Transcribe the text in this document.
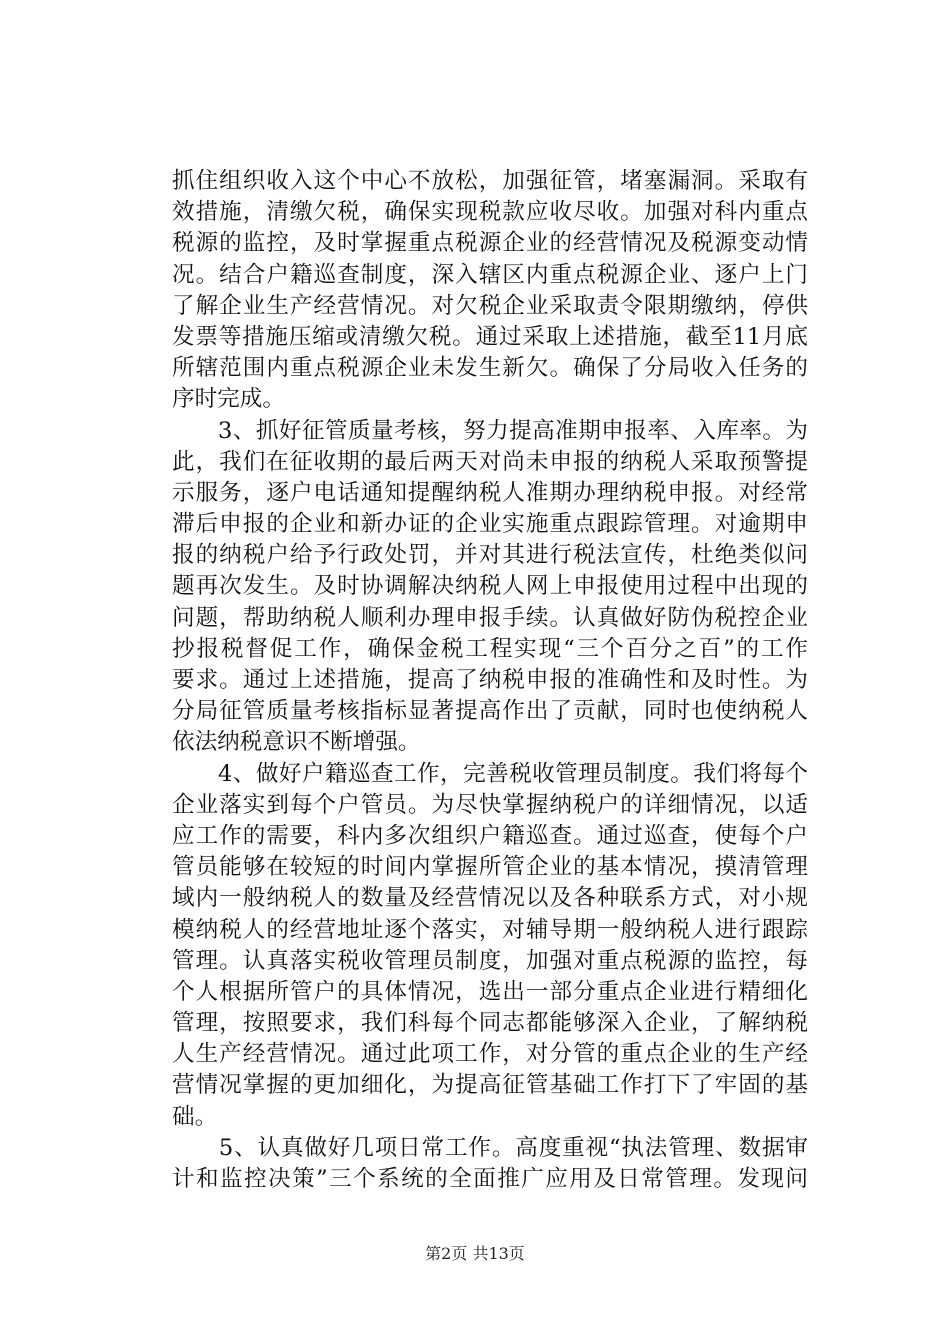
抓住组织收入这个中心不放松，加强征管，堵塞漏洞。采取有
效措施，清缴欠税，确保实现税款应收尽收。加强对科内重点
税源的监控，及时掌握重点税源企业的经营情况及税源变动情
况。结合户籍巡查制度，深入辖区内重点税源企业、逐户上门
了解企业生产经营情况。对欠税企业采取责令限期缴纳，停供
发票等措施压缩或清缴欠税。通过采取上述措施，截至11月底
所辖范围内重点税源企业未发生新欠。确保了分局收入任务的
序时完成。
　　3、抓好征管质量考核，努力提高准期申报率、入库率。为
此，我们在征收期的最后两天对尚未申报的纳税人采取预警提
示服务，逐户电话通知提醒纳税人准期办理纳税申报。对经常
滞后申报的企业和新办证的企业实施重点跟踪管理。对逾期申
报的纳税户给予行政处罚，并对其进行税法宣传，杜绝类似问
题再次发生。及时协调解决纳税人网上申报使用过程中出现的
问题，帮助纳税人顺利办理申报手续。认真做好防伪税控企业
抄报税督促工作，确保金税工程实现“三个百分之百”的工作
要求。通过上述措施，提高了纳税申报的准确性和及时性。为
分局征管质量考核指标显著提高作出了贡献，同时也使纳税人
依法纳税意识不断增强。
　　4、做好户籍巡查工作，完善税收管理员制度。我们将每个
企业落实到每个户管员。为尽快掌握纳税户的详细情况，以适
应工作的需要，科内多次组织户籍巡查。通过巡查，使每个户
管员能够在较短的时间内掌握所管企业的基本情况，摸清管理
域内一般纳税人的数量及经营情况以及各种联系方式，对小规
模纳税人的经营地址逐个落实，对辅导期一般纳税人进行跟踪
管理。认真落实税收管理员制度，加强对重点税源的监控，每
个人根据所管户的具体情况，选出一部分重点企业进行精细化
管理，按照要求，我们科每个同志都能够深入企业，了解纳税
人生产经营情况。通过此项工作，对分管的重点企业的生产经
营情况掌握的更加细化，为提高征管基础工作打下了牢固的基
础。
　　5、认真做好几项日常工作。高度重视“执法管理、数据审
计和监控决策”三个系统的全面推广应用及日常管理。发现问
第2页 共13页
